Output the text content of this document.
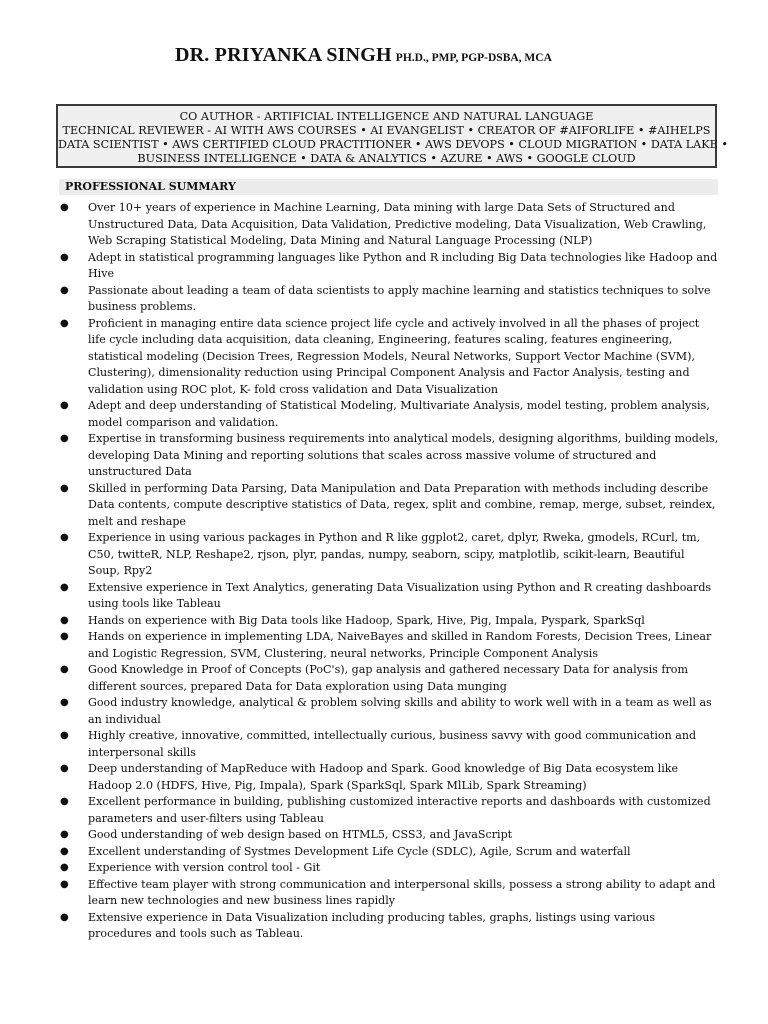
DR. PRIYANKA SINGH PH.D., PMP, PGP-DSBA, MCA
CO AUTHOR - ARTIFICIAL INTELLIGENCE AND NATURAL LANGUAGE
TECHNICAL REVIEWER - AI WITH AWS COURSES • AI EVANGELIST • CREATOR OF #AIFORLIFE • #AIHELPS
DATA SCIENTIST • AWS CERTIFIED CLOUD PRACTITIONER • AWS DEVOPS • CLOUD MIGRATION • DATA LAKE •
BUSINESS INTELLIGENCE • DATA & ANALYTICS • AZURE • AWS • GOOGLE CLOUD
PROFESSIONAL SUMMARY
● Over 10+ years of experience in Machine Learning, Data mining with large Data Sets of Structured and Unstructured Data, Data Acquisition, Data Validation, Predictive modeling, Data Visualization, Web Crawling, Web Scraping Statistical Modeling, Data Mining and Natural Language Processing (NLP)
● Adept in statistical programming languages like Python and R including Big Data technologies like Hadoop and Hive
● Passionate about leading a team of data scientists to apply machine learning and statistics techniques to solve business problems.
● Proficient in managing entire data science project life cycle and actively involved in all the phases of project life cycle including data acquisition, data cleaning, Engineering, features scaling, features engineering, statistical modeling (Decision Trees, Regression Models, Neural Networks, Support Vector Machine (SVM), Clustering), dimensionality reduction using Principal Component Analysis and Factor Analysis, testing and validation using ROC plot, K- fold cross validation and Data Visualization
● Adept and deep understanding of Statistical Modeling, Multivariate Analysis, model testing, problem analysis, model comparison and validation.
● Expertise in transforming business requirements into analytical models, designing algorithms, building models, developing Data Mining and reporting solutions that scales across massive volume of structured and unstructured Data
● Skilled in performing Data Parsing, Data Manipulation and Data Preparation with methods including describe Data contents, compute descriptive statistics of Data, regex, split and combine, remap, merge, subset, reindex, melt and reshape
● Experience in using various packages in Python and R like ggplot2, caret, dplyr, Rweka, gmodels, RCurl, tm, C50, twitteR, NLP, Reshape2, rjson, plyr, pandas, numpy, seaborn, scipy, matplotlib, scikit-learn, Beautiful Soup, Rpy2
● Extensive experience in Text Analytics, generating Data Visualization using Python and R creating dashboards using tools like Tableau
● Hands on experience with Big Data tools like Hadoop, Spark, Hive, Pig, Impala, Pyspark, SparkSql
● Hands on experience in implementing LDA, NaiveBayes and skilled in Random Forests, Decision Trees, Linear and Logistic Regression, SVM, Clustering, neural networks, Principle Component Analysis
● Good Knowledge in Proof of Concepts (PoC's), gap analysis and gathered necessary Data for analysis from different sources, prepared Data for Data exploration using Data munging
● Good industry knowledge, analytical & problem solving skills and ability to work well with in a team as well as an individual
● Highly creative, innovative, committed, intellectually curious, business savvy with good communication and interpersonal skills
● Deep understanding of MapReduce with Hadoop and Spark. Good knowledge of Big Data ecosystem like Hadoop 2.0 (HDFS, Hive, Pig, Impala), Spark (SparkSql, Spark MlLib, Spark Streaming)
● Excellent performance in building, publishing customized interactive reports and dashboards with customized parameters and user-filters using Tableau
● Good understanding of web design based on HTML5, CSS3, and JavaScript
● Excellent understanding of Systmes Development Life Cycle (SDLC), Agile, Scrum and waterfall
● Experience with version control tool - Git
● Effective team player with strong communication and interpersonal skills, possess a strong ability to adapt and learn new technologies and new business lines rapidly
● Extensive experience in Data Visualization including producing tables, graphs, listings using various procedures and tools such as Tableau.
